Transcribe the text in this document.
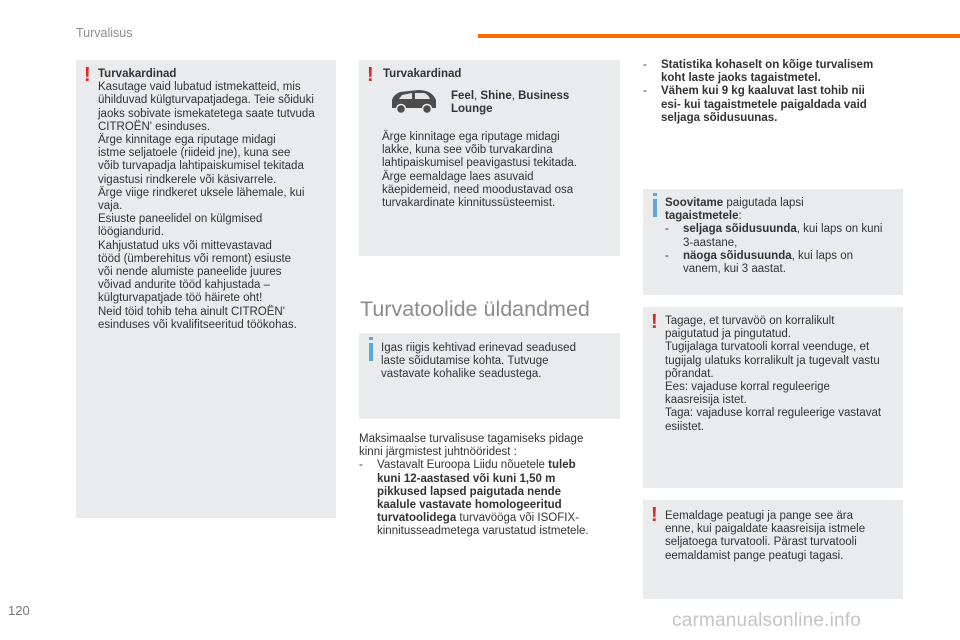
Turvalisus
! Turvakardinad
Kasutage vaid lubatud istmekatteid, mis
ühilduvad külgturvapatjadega. Teie sõiduki
jaoks sobivate ismekatetega saate tutvuda
CITROËN' esinduses.
Ärge kinnitage ega riputage midagi
istme seljatoele (riideid jne), kuna see
võib turvapadja lahtipaiskumisel tekitada
vigastusi rindkerele või käsivarrele.
Ärge viige rindkeret uksele lähemale, kui
vaja.
Esiuste paneelidel on külgmised
löögiandurid.
Kahjustatud uks või mittevastavad
tööd (ümberehitus või remont) esiuste
või nende alumiste paneelide juures
võivad andurite tööd kahjustada –
külgturvapatjade töö häirete oht!
Neid töid tohib teha ainult CITROËN'
esinduses või kvalifitseeritud töökohas.
! Turvakardinad
Feel, Shine, Business
Lounge
Ärge kinnitage ega riputage midagi
lakke, kuna see võib turvakardina
lahtipaiskumisel peavigastusi tekitada.
Ärge eemaldage laes asuvaid
käepidemeid, need moodustavad osa
turvakardinate kinnitussüsteemist.
Turvatoolide üldandmed
Igas riigis kehtivad erinevad seadused
laste sõidutamise kohta. Tutvuge
vastavate kohalike seadustega.
Maksimaalse turvalisuse tagamiseks pidage
kinni järgmistest juhtnööridest :
- Vastavalt Euroopa Liidu nõuetele tuleb
kuni 12-aastased või kuni 1,50 m
pikkused lapsed paigutada nende
kaalule vastavate homologeeritud
turvatoolidega turvavööga või ISOFIX-
kinnitusseadmetega varustatud istmetele.
- Statistika kohaselt on kõige turvalisem
koht laste jaoks tagaistmetel.
- Vähem kui 9 kg kaaluvat last tohib nii
esi- kui tagaistmetele paigaldada vaid
seljaga sõidusuunas.
Soovitame paigutada lapsi
tagaistmetele:
- seljaga sõidusuunda, kui laps on kuni
3-aastane,
- näoga sõidusuunda, kui laps on
vanem, kui 3 aastat.
! Tagage, et turvavöö on korralikult
paigutatud ja pingutatud.
Tugijalaga turvatooli korral veenduge, et
tugijalg ulatuks korralikult ja tugevalt vastu
põrandat.
Ees: vajaduse korral reguleerige
kaasreisija istet.
Taga: vajaduse korral reguleerige vastavat
esiistet.
! Eemaldage peatugi ja pange see ära
enne, kui paigaldate kaasreisija istmele
seljatoega turvatooli. Pärast turvatooli
eemaldamist pange peatugi tagasi.
120	carmanualsonline.info
